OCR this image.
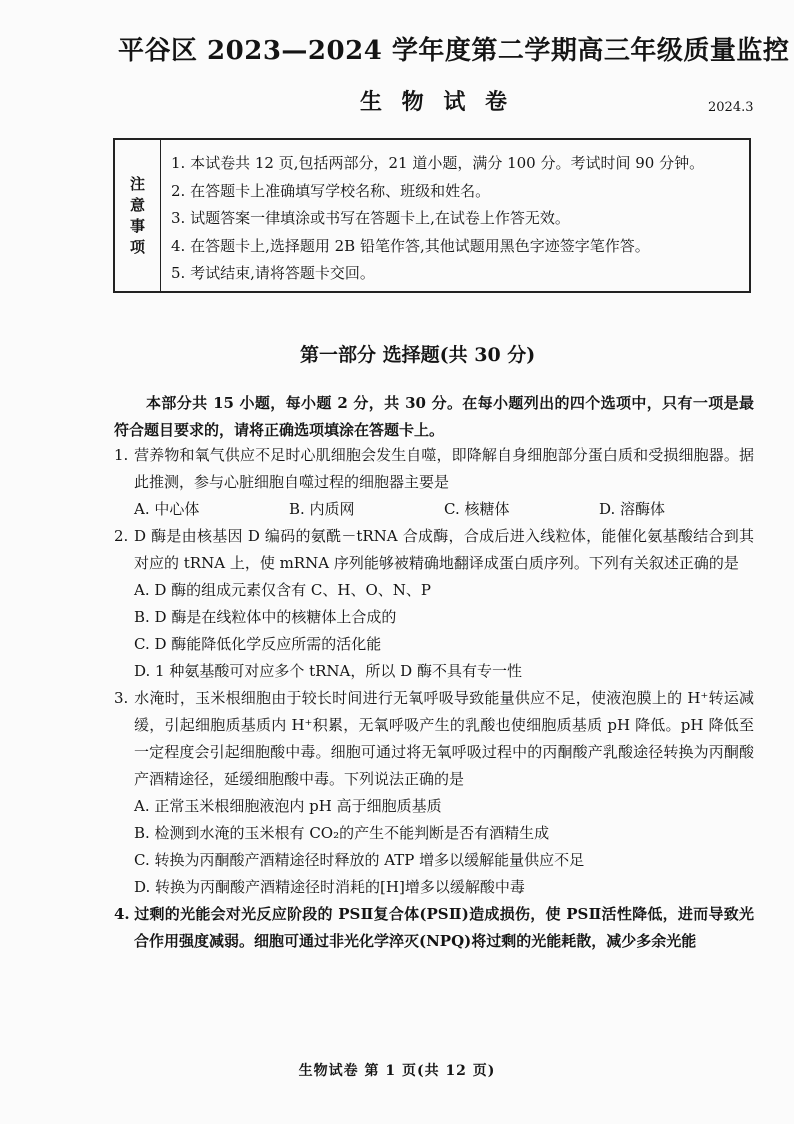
平谷区 2023—2024 学年度第二学期高三年级质量监控
生 物 试 卷	2024.3
注
意
事
项
1. 本试卷共 12 页,包括两部分，21 道小题，满分 100 分。考试时间 90 分钟。
2. 在答题卡上准确填写学校名称、班级和姓名。
3. 试题答案一律填涂或书写在答题卡上,在试卷上作答无效。
4. 在答题卡上,选择题用 2B 铅笔作答,其他试题用黑色字迹签字笔作答。
5. 考试结束,请将答题卡交回。
第一部分 选择题(共 30 分)
本部分共 15 小题，每小题 2 分，共 30 分。在每小题列出的四个选项中，只有一项是最符合题目要求的，请将正确选项填涂在答题卡上。
1. 营养物和氧气供应不足时心肌细胞会发生自噬，即降解自身细胞部分蛋白质和受损细胞器。据此推测，参与心脏细胞自噬过程的细胞器主要是
A. 中心体	B. 内质网	C. 核糖体	D. 溶酶体
2. D 酶是由核基因 D 编码的氨酰－tRNA 合成酶，合成后进入线粒体，能催化氨基酸结合到其对应的 tRNA 上，使 mRNA 序列能够被精确地翻译成蛋白质序列。下列有关叙述正确的是
A. D 酶的组成元素仅含有 C、H、O、N、P
B. D 酶是在线粒体中的核糖体上合成的
C. D 酶能降低化学反应所需的活化能
D. 1 种氨基酸可对应多个 tRNA，所以 D 酶不具有专一性
3. 水淹时，玉米根细胞由于较长时间进行无氧呼吸导致能量供应不足，使液泡膜上的 H⁺转运减缓，引起细胞质基质内 H⁺积累，无氧呼吸产生的乳酸也使细胞质基质 pH 降低。pH 降低至一定程度会引起细胞酸中毒。细胞可通过将无氧呼吸过程中的丙酮酸产乳酸途径转换为丙酮酸产酒精途径，延缓细胞酸中毒。下列说法正确的是
A. 正常玉米根细胞液泡内 pH 高于细胞质基质
B. 检测到水淹的玉米根有 CO₂的产生不能判断是否有酒精生成
C. 转换为丙酮酸产酒精途径时释放的 ATP 增多以缓解能量供应不足
D. 转换为丙酮酸产酒精途径时消耗的[H]增多以缓解酸中毒
4. 过剩的光能会对光反应阶段的 PSⅡ复合体(PSⅡ)造成损伤，使 PSⅡ活性降低，进而导致光合作用强度减弱。细胞可通过非光化学淬灭(NPQ)将过剩的光能耗散，减少多余光能
生物试卷 第 1 页(共 12 页)
